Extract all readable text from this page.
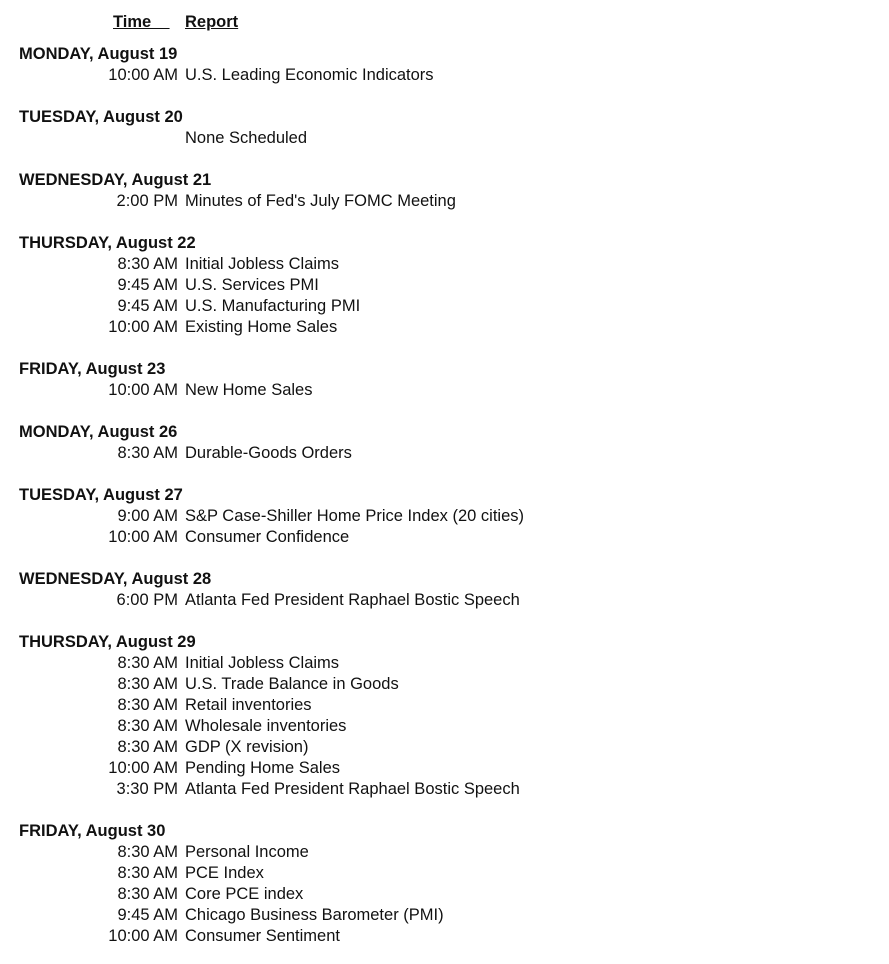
Time Report
MONDAY, August 19
10:00 AM U.S. Leading Economic Indicators
TUESDAY, August 20
None Scheduled
WEDNESDAY, August 21
2:00 PM Minutes of Fed's July FOMC Meeting
THURSDAY, August 22
8:30 AM Initial Jobless Claims
9:45 AM U.S. Services PMI
9:45 AM U.S. Manufacturing PMI
10:00 AM Existing Home Sales
FRIDAY, August 23
10:00 AM New Home Sales
MONDAY, August 26
8:30 AM Durable-Goods Orders
TUESDAY, August 27
9:00 AM S&P Case-Shiller Home Price Index (20 cities)
10:00 AM Consumer Confidence
WEDNESDAY, August 28
6:00 PM Atlanta Fed President Raphael Bostic Speech
THURSDAY, August 29
8:30 AM Initial Jobless Claims
8:30 AM U.S. Trade Balance in Goods
8:30 AM Retail inventories
8:30 AM Wholesale inventories
8:30 AM GDP (X revision)
10:00 AM Pending Home Sales
3:30 PM Atlanta Fed President Raphael Bostic Speech
FRIDAY, August 30
8:30 AM Personal Income
8:30 AM PCE Index
8:30 AM Core PCE index
9:45 AM Chicago Business Barometer (PMI)
10:00 AM Consumer Sentiment
